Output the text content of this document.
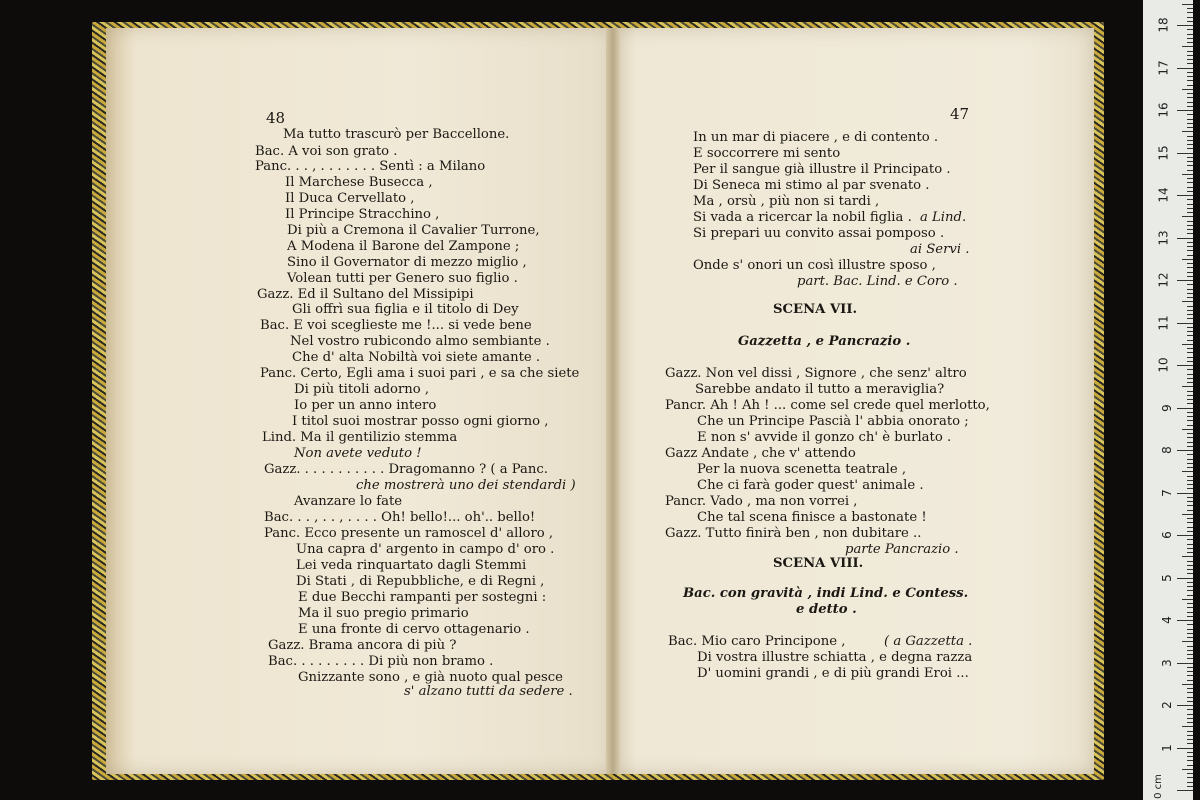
Ma tutto trascurò per Baccellone.
Bac. A voi son grato .
Panc. . . , . . . . . . . Sentì : a Milano
Il Marchese Busecca ,
Il Duca Cervellato ,
Il Principe Stracchino ,
Di più a Cremona il Cavalier Turrone,
A Modena il Barone del Zampone ;
Sino il Governator di mezzo miglio ,
Volean tutti per Genero suo figlio .
Gazz. Ed il Sultano del Missipipi
Gli offrì sua figlia e il titolo di Dey
Bac. E voi sceglieste me !... si vede bene
Nel vostro rubicondo almo sembiante .
Che d' alta Nobiltà voi siete amante .
Panc. Certo, Egli ama i suoi pari , e sa che siete
Di più titoli adorno ,
Io per un anno intero
I titol suoi mostrar posso ogni giorno ,
Lind. Ma il gentilizio stemma
Non avete veduto !
Gazz. . . . . . . . . . . Dragomanno ? ( a Panc.
che mostrerà uno dei stendardi )
Avanzare lo fate
Bac. . . , . . , . . . . Oh! bello!... oh'.. bello!
Panc. Ecco presente un ramoscel d' alloro ,
Una capra d' argento in campo d' oro .
Lei veda rinquartato dagli Stemmi
Di Stati , di Repubbliche, e di Regni ,
E due Becchi rampanti per sostegni :
Ma il suo pregio primario
E una fronte di cervo ottagenario .
Gazz. Brama ancora di più ?
Bac. . . . . . . . . Di più non bramo .
Gnizzante sono , e già nuoto qual pesce
s' alzano tutti da sedere .
In un mar di piacere , e di contento .
E soccorrere mi sento
Per il sangue già illustre il Principato .
Di Seneca mi stimo al par svenato .
Ma , orsù , più non si tardi ,
Si vada a ricercar la nobil figlia . a Lind.
Si prepari uu convito assai pomposo .
ai Servi .
Onde s' onori un così illustre sposo ,
part. Bac. Lind. e Coro .
SCENA VII.
Gazzetta , e Pancrazio .
Gazz. Non vel dissi , Signore , che senz' altro
Sarebbe andato il tutto a meraviglia?
Pancr. Ah ! Ah ! ... come sel crede quel merlotto,
Che un Principe Pascià l' abbia onorato ;
E non s' avvide il gonzo ch' è burlato .
Gazz Andate , che v' attendo
Per la nuova scenetta teatrale ,
Che ci farà goder quest' animale .
Pancr. Vado , ma non vorrei ,
Che tal scena finisce a bastonate !
Gazz. Tutto finirà ben , non dubitare ..
parte Pancrazio .
SCENA VIII.
Bac. con gravità , indi Lind. e Contess.
e detto .
Bac. Mio caro Principone ,	( a Gazzetta .
Di vostra illustre schiatta , e degna razza
D' uomini grandi , e di più grandi Eroi ...
48	47
1
2
3
4
5
6
7
8
9
10
11
12
13
14
15
16
17
18
0 cm
